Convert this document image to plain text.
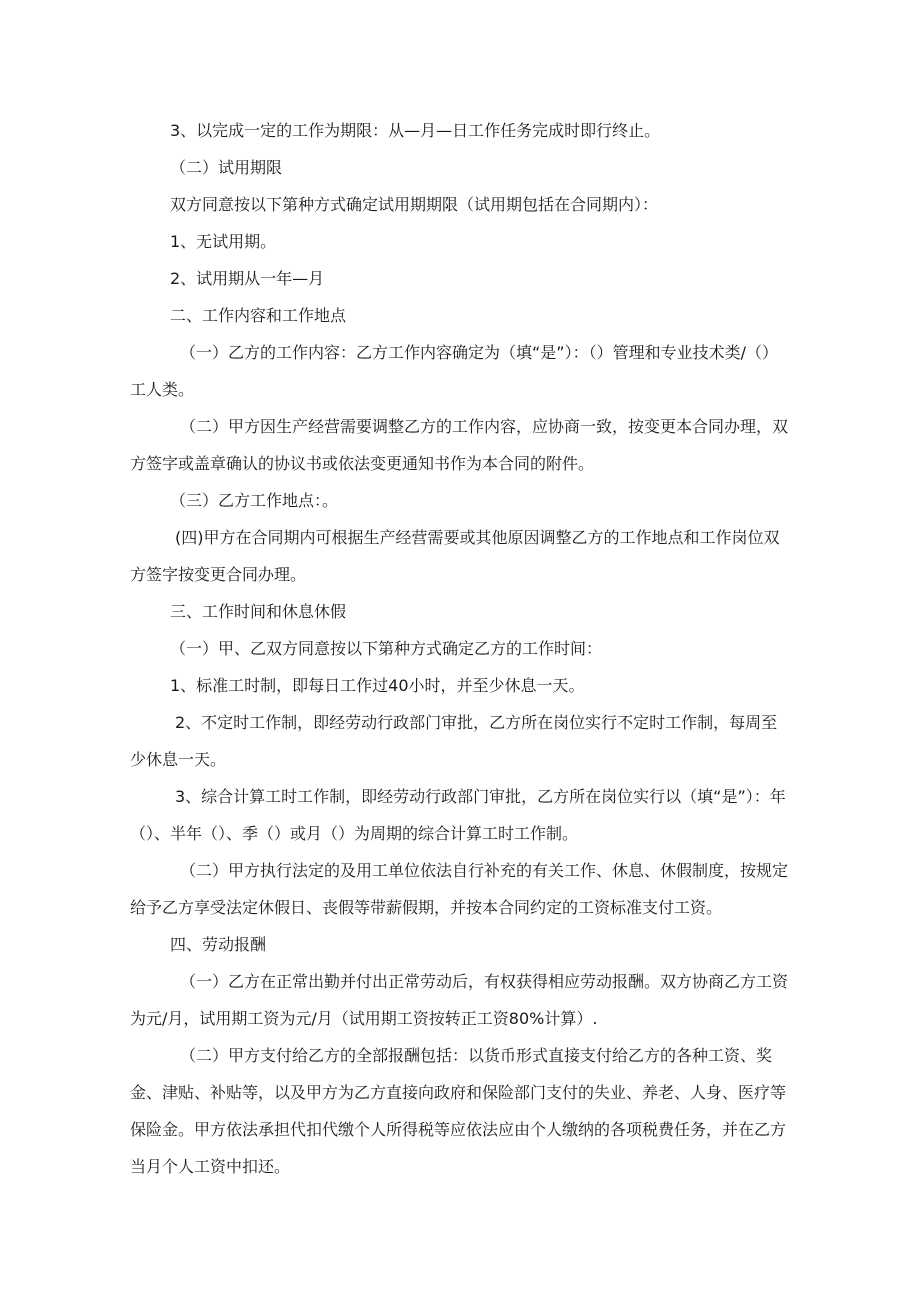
3、以完成一定的工作为期限：从—月—日工作任务完成时即行终止。

（二）试用期限

双方同意按以下第种方式确定试用期期限（试用期包括在合同期内）：

1、无试用期。

2、试用期从一年—月

二、工作内容和工作地点

（一）乙方的工作内容：乙方工作内容确定为（填“是”）：（）管理和专业技术类/（）工人类。

（二）甲方因生产经营需要调整乙方的工作内容，应协商一致，按变更本合同办理，双方签字或盖章确认的协议书或依法变更通知书作为本合同的附件。

（三）乙方工作地点：。

(四)甲方在合同期内可根据生产经营需要或其他原因调整乙方的工作地点和工作岗位双方签字按变更合同办理。

三、工作时间和休息休假

（一）甲、乙双方同意按以下第种方式确定乙方的工作时间：

1、标准工时制，即每日工作过40小时，并至少休息一天。

2、不定时工作制，即经劳动行政部门审批，乙方所在岗位实行不定时工作制，每周至少休息一天。

3、综合计算工时工作制，即经劳动行政部门审批，乙方所在岗位实行以（填“是”）：年（）、半年（）、季（）或月（）为周期的综合计算工时工作制。

（二）甲方执行法定的及用工单位依法自行补充的有关工作、休息、休假制度，按规定给予乙方享受法定休假日、丧假等带薪假期，并按本合同约定的工资标准支付工资。

四、劳动报酬

（一）乙方在正常出勤并付出正常劳动后，有权获得相应劳动报酬。双方协商乙方工资为元/月，试用期工资为元/月（试用期工资按转正工资80%计算）.

（二）甲方支付给乙方的全部报酬包括：以货币形式直接支付给乙方的各种工资、奖金、津贴、补贴等，以及甲方为乙方直接向政府和保险部门支付的失业、养老、人身、医疗等保险金。甲方依法承担代扣代缴个人所得税等应依法应由个人缴纳的各项税费任务，并在乙方当月个人工资中扣还。
